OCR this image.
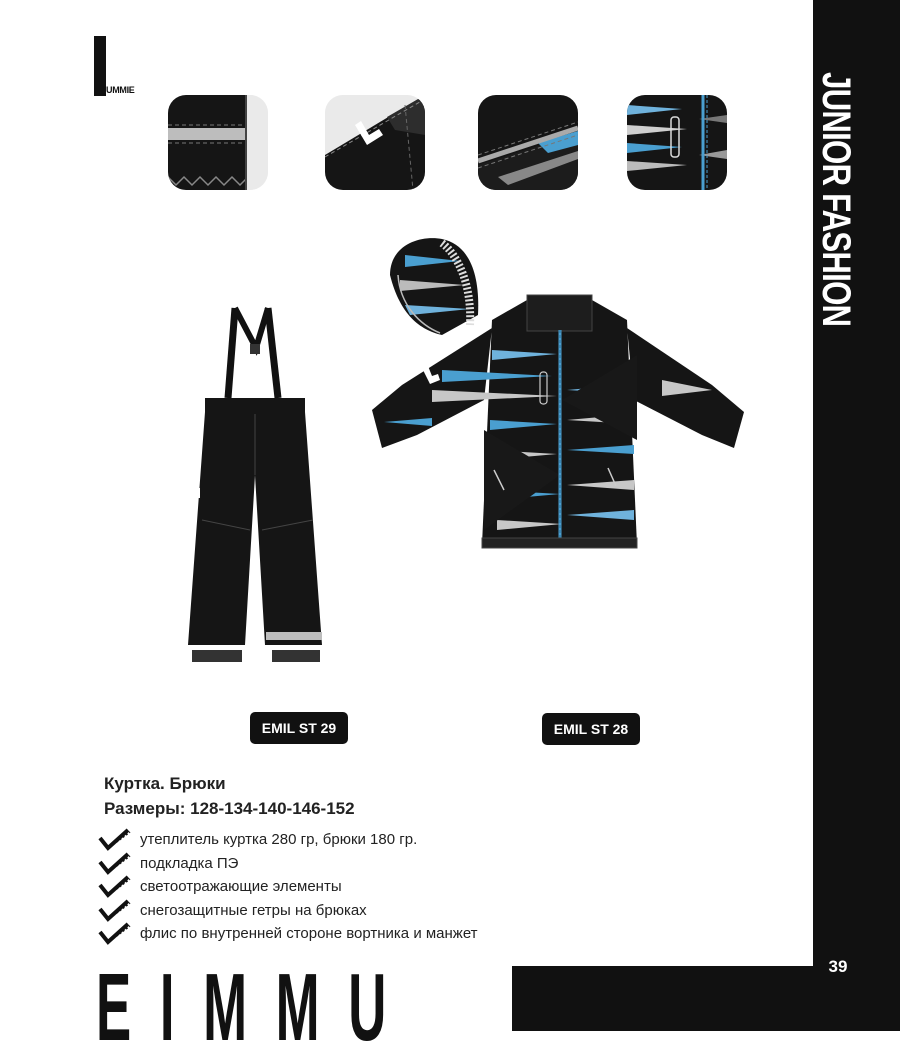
JUNIOR FASHION
UMMIE
EMIL ST 29	EMIL ST 28
Куртка. Брюки
Размеры: 128-134-140-146-152
утеплитель куртка 280 гр, брюки 180 гр.
подкладка ПЭ
светоотражающие элементы
снегозащитные гетры на брюках
флис по внутренней стороне вортника и манжет
39
EIMMU
